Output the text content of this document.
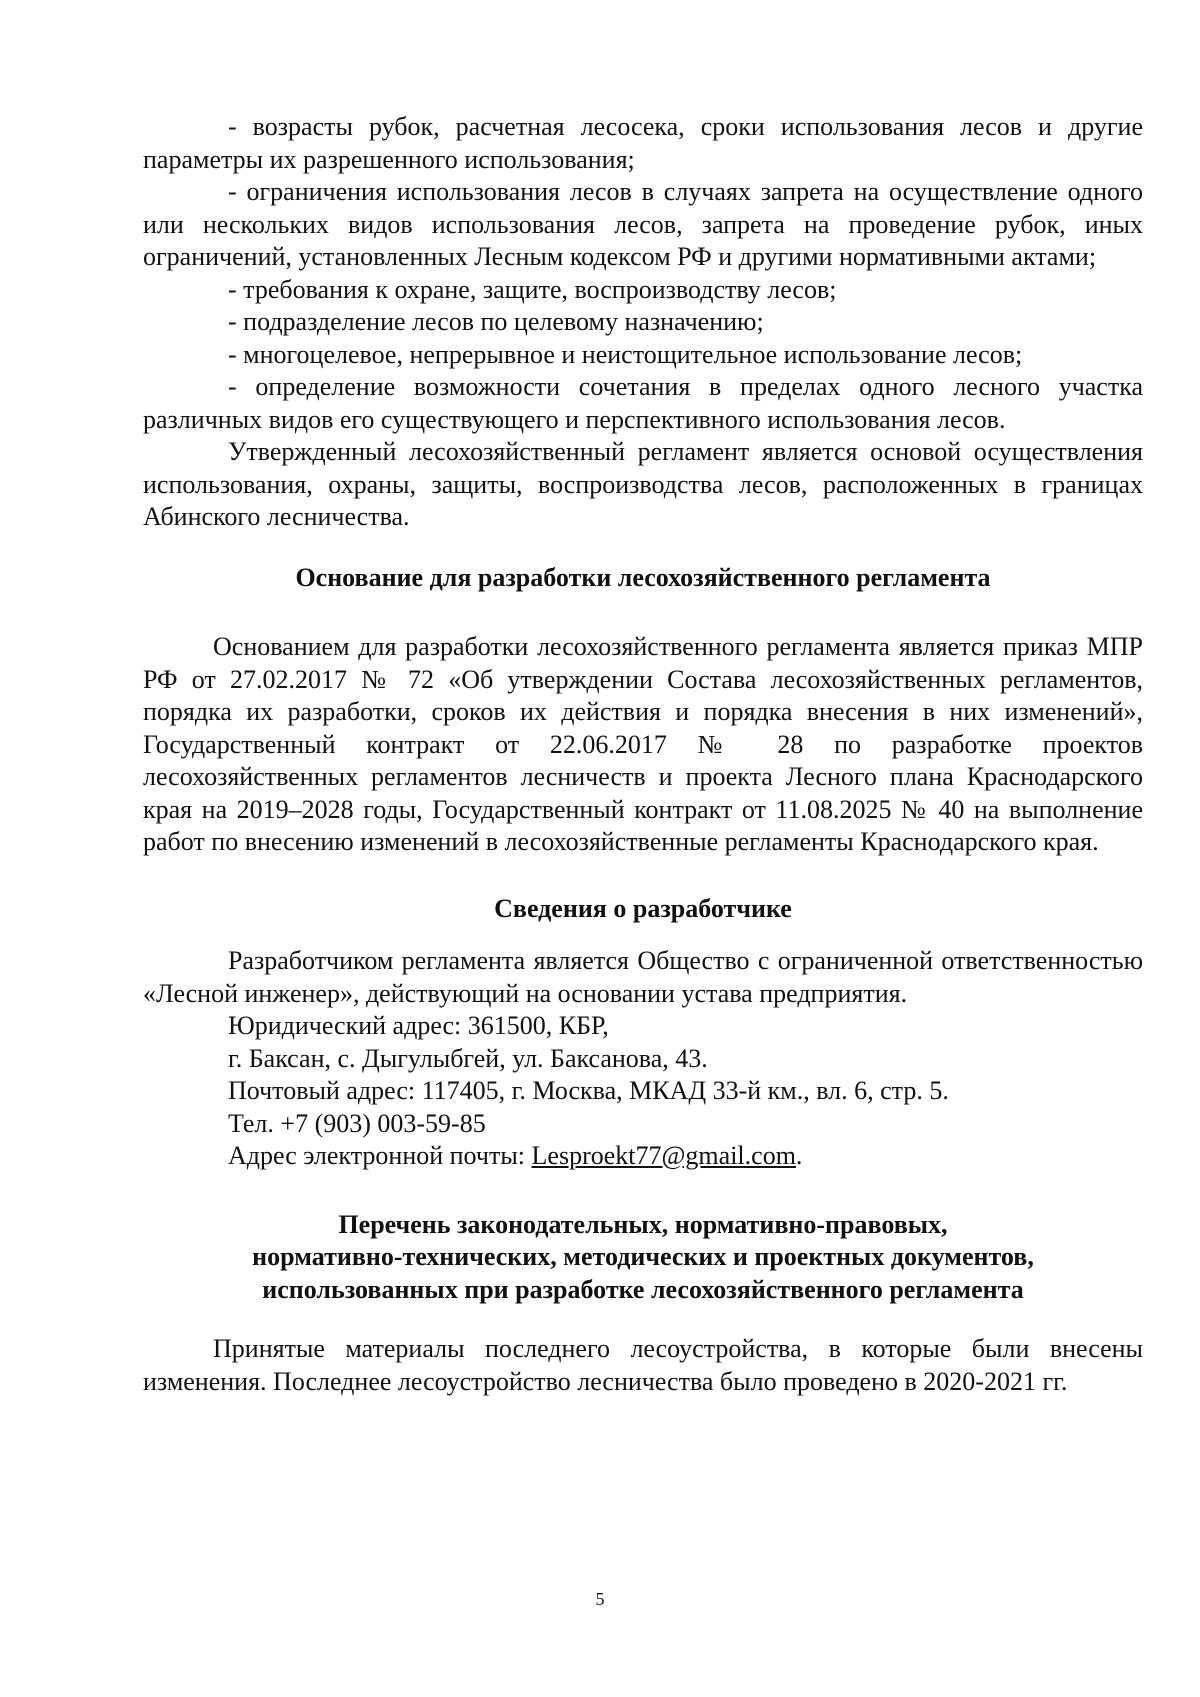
- возрасты рубок, расчетная лесосека, сроки использования лесов и другие параметры их разрешенного использования;

- ограничения использования лесов в случаях запрета на осуществление одного или нескольких видов использования лесов, запрета на проведение рубок, иных ограничений, установленных Лесным кодексом РФ и другими нормативными актами;

- требования к охране, защите, воспроизводству лесов;

- подразделение лесов по целевому назначению;

- многоцелевое, непрерывное и неистощительное использование лесов;

- определение возможности сочетания в пределах одного лесного участка различных видов его существующего и перспективного использования лесов.

Утвержденный лесохозяйственный регламент является основой осуществления использования, охраны, защиты, воспроизводства лесов, расположенных в границах Абинского лесничества.

Основание для разработки лесохозяйственного регламента

Основанием для разработки лесохозяйственного регламента является приказ МПР РФ от 27.02.2017 № 72 «Об утверждении Состава лесохозяйственных регламентов, порядка их разработки, сроков их действия и порядка внесения в них изменений», Государственный контракт от 22.06.2017 № 28 по разработке проектов лесохозяйственных регламентов лесничеств и проекта Лесного плана Краснодарского края на 2019–2028 годы, Государственный контракт от 11.08.2025 № 40 на выполнение работ по внесению изменений в лесохозяйственные регламенты Краснодарского края.

Сведения о разработчике

Разработчиком регламента является Общество с ограниченной ответственностью «Лесной инженер», действующий на основании устава предприятия.

Юридический адрес: 361500, КБР,

г. Баксан, с. Дыгулыбгей, ул. Баксанова, 43.

Почтовый адрес: 117405, г. Москва, МКАД 33-й км., вл. 6, стр. 5.

Тел. +7 (903) 003-59-85

Адрес электронной почты: Lesproekt77@gmail.com.

Перечень законодательных, нормативно-правовых,
нормативно-технических, методических и проектных документов,
использованных при разработке лесохозяйственного регламента

Принятые материалы последнего лесоустройства, в которые были внесены изменения. Последнее лесоустройство лесничества было проведено в 2020-2021 гг.

5
